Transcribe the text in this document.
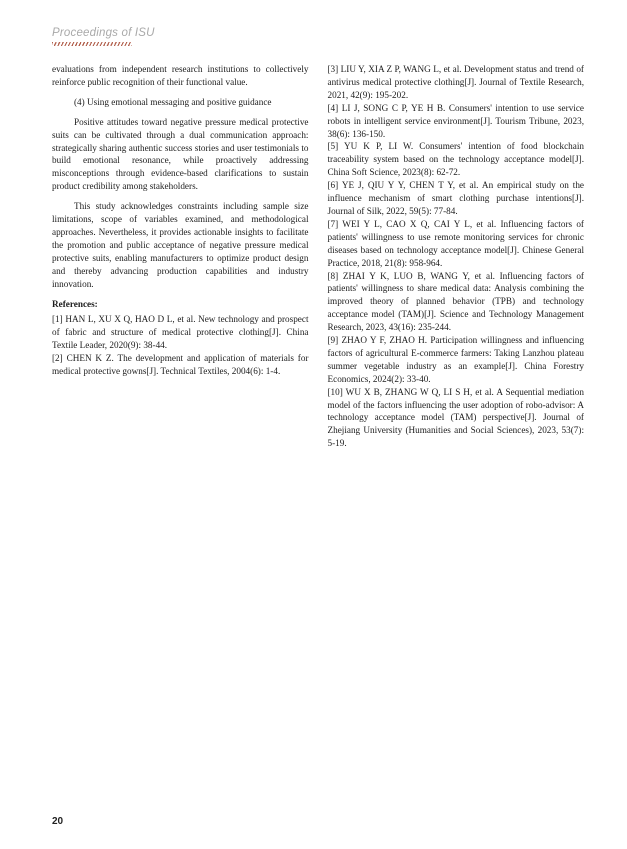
Proceedings of ISU

evaluations from independent research institutions to collectively reinforce public recognition of their functional value.

(4) Using emotional messaging and positive guidance

Positive attitudes toward negative pressure medical protective suits can be cultivated through a dual communication approach: strategically sharing authentic success stories and user testimonials to build emotional resonance, while proactively addressing misconceptions through evidence-based clarifications to sustain product credibility among stakeholders.

This study acknowledges constraints including sample size limitations, scope of variables examined, and methodological approaches. Nevertheless, it provides actionable insights to facilitate the promotion and public acceptance of negative pressure medical protective suits, enabling manufacturers to optimize product design and thereby advancing production capabilities and industry innovation.

References:

[1] HAN L, XU X Q, HAO D L, et al. New technology and prospect of fabric and structure of medical protective clothing[J]. China Textile Leader, 2020(9): 38-44.

[2] CHEN K Z. The development and application of materials for medical protective gowns[J]. Technical Textiles, 2004(6): 1-4.

[3] LIU Y, XIA Z P, WANG L, et al. Development status and trend of antivirus medical protective clothing[J]. Journal of Textile Research, 2021, 42(9): 195-202.

[4] LI J, SONG C P, YE H B. Consumers' intention to use service robots in intelligent service environment[J]. Tourism Tribune, 2023, 38(6): 136-150.

[5] YU K P, LI W. Consumers' intention of food blockchain traceability system based on the technology acceptance model[J]. China Soft Science, 2023(8): 62-72.

[6] YE J, QIU Y Y, CHEN T Y, et al. An empirical study on the influence mechanism of smart clothing purchase intentions[J]. Journal of Silk, 2022, 59(5): 77-84.

[7] WEI Y L, CAO X Q, CAI Y L, et al. Influencing factors of patients' willingness to use remote monitoring services for chronic diseases based on technology acceptance model[J]. Chinese General Practice, 2018, 21(8): 958-964.

[8] ZHAI Y K, LUO B, WANG Y, et al. Influencing factors of patients' willingness to share medical data: Analysis combining the improved theory of planned behavior (TPB) and technology acceptance model (TAM)[J]. Science and Technology Management Research, 2023, 43(16): 235-244.

[9] ZHAO Y F, ZHAO H. Participation willingness and influencing factors of agricultural E-commerce farmers: Taking Lanzhou plateau summer vegetable industry as an example[J]. China Forestry Economics, 2024(2): 33-40.

[10] WU X B, ZHANG W Q, LI S H, et al. A Sequential mediation model of the factors influencing the user adoption of robo-advisor: A technology acceptance model (TAM) perspective[J]. Journal of Zhejiang University (Humanities and Social Sciences), 2023, 53(7): 5-19.

20
